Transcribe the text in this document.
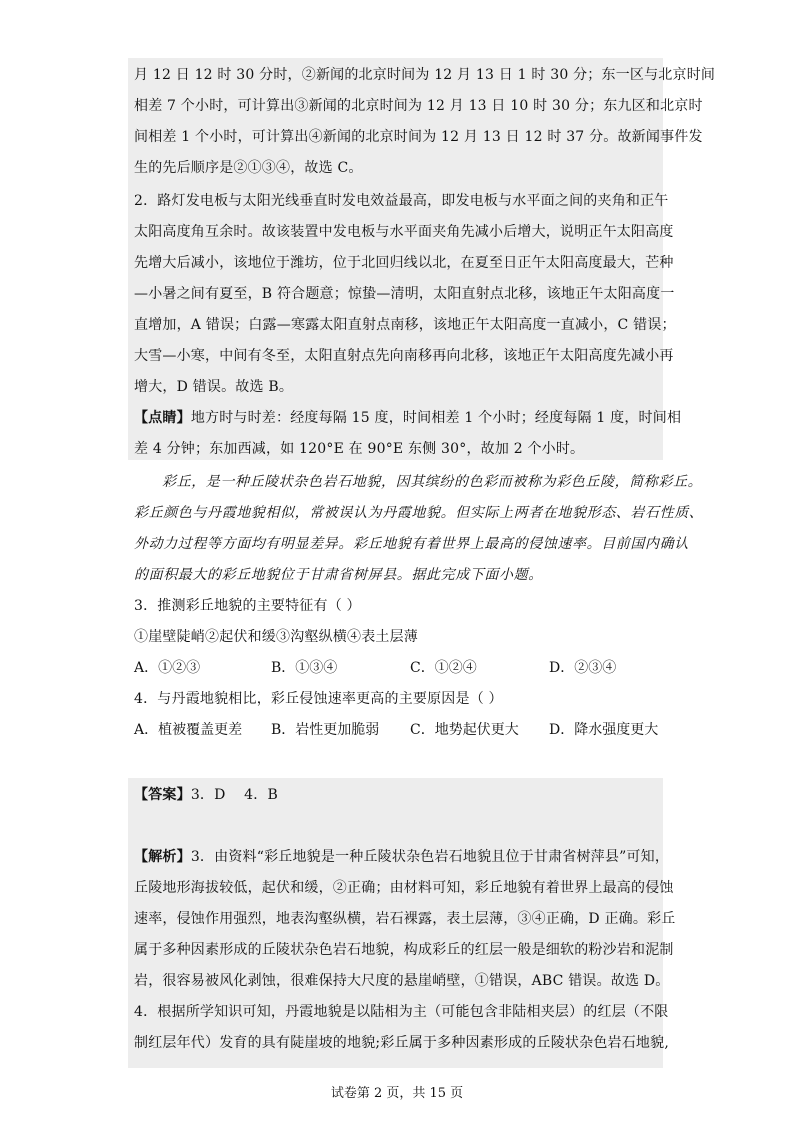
月 12 日 12 时 30 分时，②新闻的北京时间为 12 月 13 日 1 时 30 分；东一区与北京时间
相差 7 个小时，可计算出③新闻的北京时间为 12 月 13 日 10 时 30 分；东九区和北京时
间相差 1 个小时，可计算出④新闻的北京时间为 12 月 13 日 12 时 37 分。故新闻事件发
生的先后顺序是②①③④，故选 C。
2．路灯发电板与太阳光线垂直时发电效益最高，即发电板与水平面之间的夹角和正午
太阳高度角互余时。故该装置中发电板与水平面夹角先减小后增大，说明正午太阳高度
先增大后减小，该地位于潍坊，位于北回归线以北，在夏至日正午太阳高度最大，芒种
—小暑之间有夏至，B 符合题意；惊蛰—清明，太阳直射点北移，该地正午太阳高度一
直增加，A 错误；白露—寒露太阳直射点南移，该地正午太阳高度一直减小，C 错误；
大雪—小寒，中间有冬至，太阳直射点先向南移再向北移，该地正午太阳高度先减小再
增大，D 错误。故选 B。
【点睛】地方时与时差：经度每隔 15 度，时间相差 1 个小时；经度每隔 1 度，时间相
差 4 分钟；东加西减，如 120°E 在 90°E 东侧 30°，故加 2 个小时。
彩丘，是一种丘陵状杂色岩石地貌，因其缤纷的色彩而被称为彩色丘陵，简称彩丘。
彩丘颜色与丹霞地貌相似，常被误认为丹霞地貌。但实际上两者在地貌形态、岩石性质、
外动力过程等方面均有明显差异。彩丘地貌有着世界上最高的侵蚀速率。目前国内确认
的面积最大的彩丘地貌位于甘肃省树屏县。据此完成下面小题。
3．推测彩丘地貌的主要特征有（ ）
①崖壁陡峭②起伏和缓③沟壑纵横④表土层薄
A．①②③	B．①③④	C．①②④	D．②③④
4．与丹霞地貌相比，彩丘侵蚀速率更高的主要原因是（ ）
A．植被覆盖更差 B．岩性更加脆弱 C．地势起伏更大 D．降水强度更大
【答案】3．D    4．B
【解析】3．由资料“彩丘地貌是一种丘陵状杂色岩石地貌且位于甘肃省树萍县”可知，
丘陵地形海拔较低，起伏和缓，②正确；由材料可知，彩丘地貌有着世界上最高的侵蚀
速率，侵蚀作用强烈，地表沟壑纵横，岩石裸露，表土层薄，③④正确，D 正确。彩丘
属于多种因素形成的丘陵状杂色岩石地貌，构成彩丘的红层一般是细软的粉沙岩和泥制
岩，很容易被风化剥蚀，很难保持大尺度的悬崖峭壁，①错误，ABC 错误。故选 D。
4．根据所学知识可知，丹霞地貌是以陆相为主（可能包含非陆相夹层）的红层（不限
制红层年代）发育的具有陡崖坡的地貌;彩丘属于多种因素形成的丘陵状杂色岩石地貌,
试卷第 2 页，共 15 页
